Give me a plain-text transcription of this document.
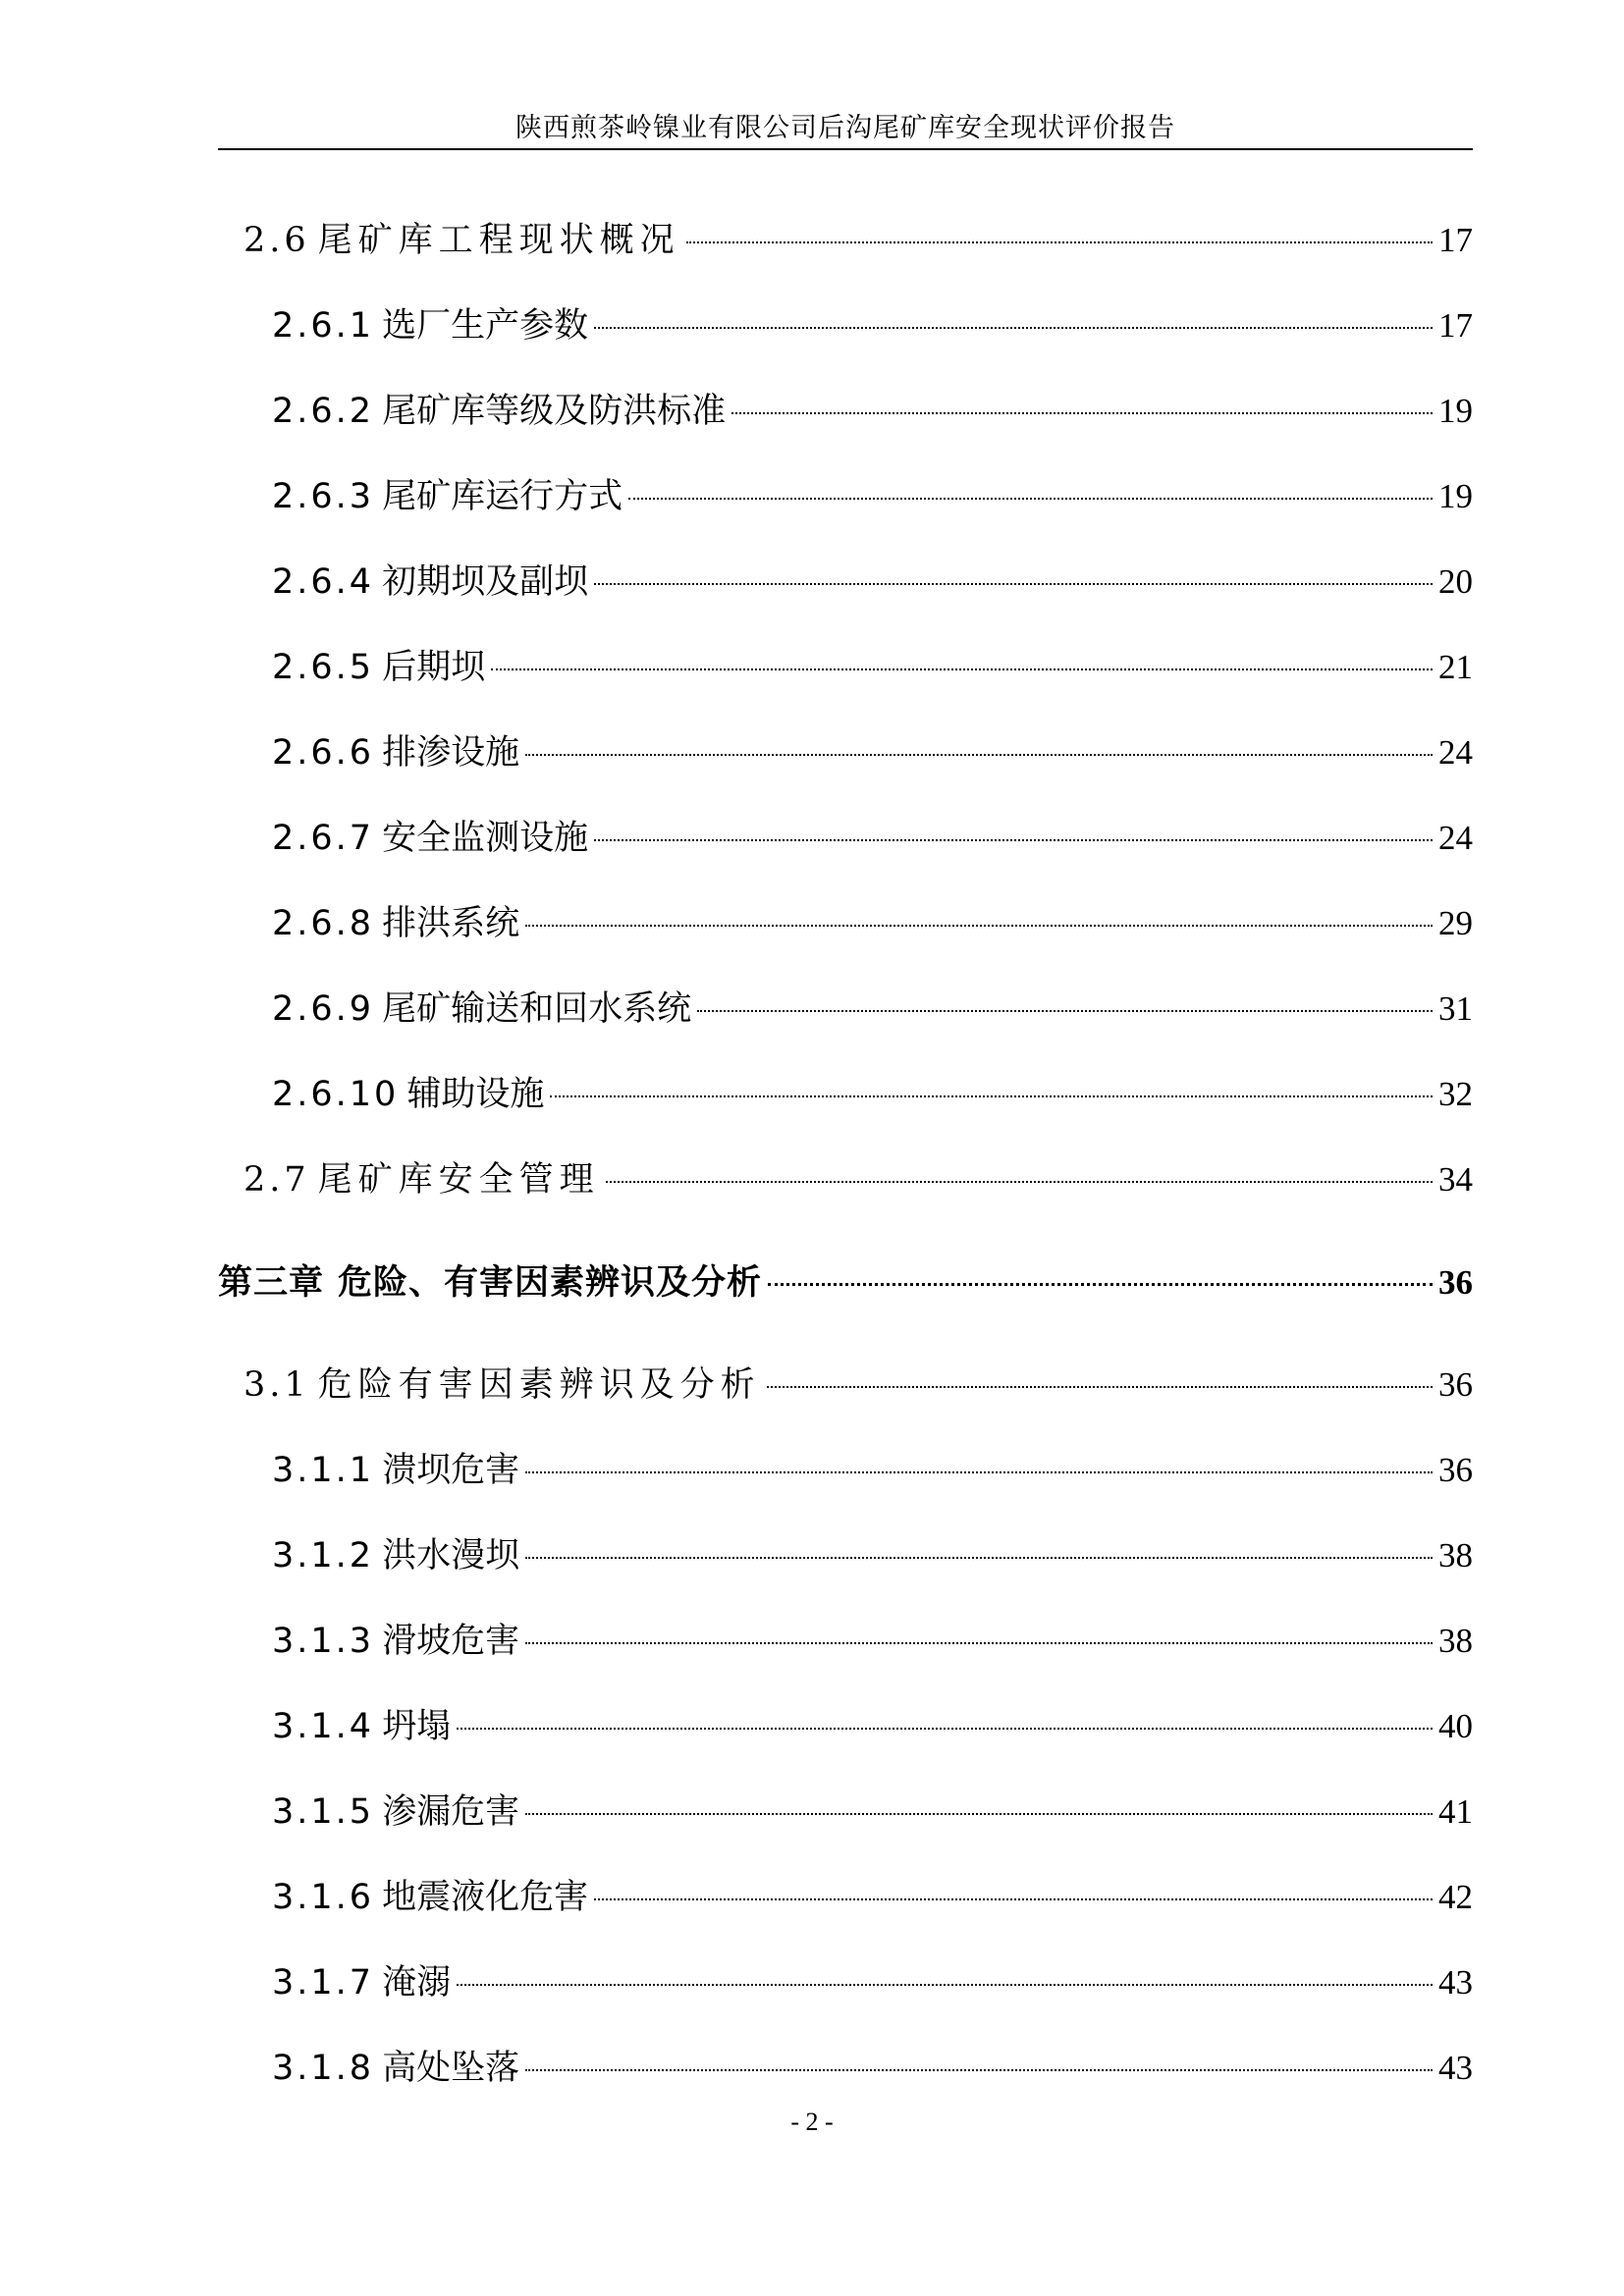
陕西煎茶岭镍业有限公司后沟尾矿库安全现状评价报告
2.6 尾矿库工程现状概况	17
2.6.1 选厂生产参数	17
2.6.2 尾矿库等级及防洪标准	19
2.6.3 尾矿库运行方式	19
2.6.4 初期坝及副坝	20
2.6.5 后期坝	21
2.6.6 排渗设施	24
2.6.7 安全监测设施	24
2.6.8 排洪系统	29
2.6.9 尾矿输送和回水系统	31
2.6.10 辅助设施	32
2.7 尾矿库安全管理	34
第三章 危险、有害因素辨识及分析	36
3.1 危险有害因素辨识及分析	36
3.1.1 溃坝危害	36
3.1.2 洪水漫坝	38
3.1.3 滑坡危害	38
3.1.4 坍塌	40
3.1.5 渗漏危害	41
3.1.6 地震液化危害	42
3.1.7 淹溺	43
3.1.8 高处坠落	43
- 2 -
